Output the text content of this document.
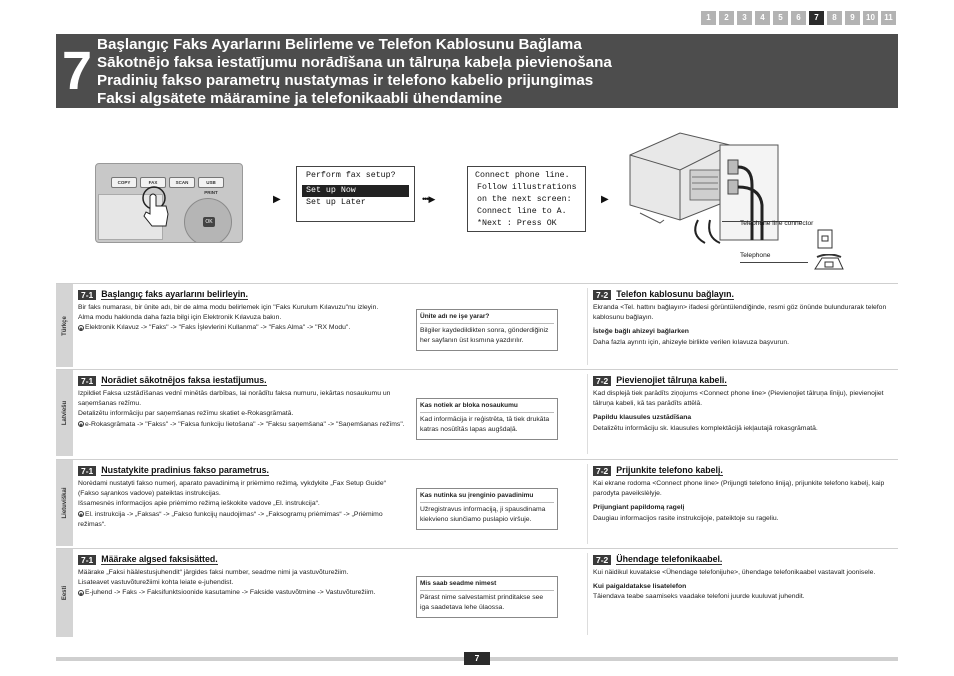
1	2	3	4	5	6	7	8	9	10	11
7 Başlangıç Faks Ayarlarını Belirleme ve Telefon Kablosunu Bağlama
Sākotnējo faksa iestatījumu norādīšana un tālruņa kabeļa pievienošana
Pradinių fakso parametrų nustatymas ir telefono kabelio prijungimas
Faksi algsätete määramine ja telefonikaabli ühendamine
COPY	FAX	SCAN	USB PRINT
OK
▶	•••▶	▶
Perform fax setup?
Set up Now
Set up Later
Connect phone line.
Follow illustrations
on the next screen:
Connect line to A.
*Next : Press OK	Telephone line connector
Telephone
Türkçe
7-1 Başlangıç faks ayarlarını belirleyin.

Bir faks numarası, bir ünite adı, bir de alma modu belirlemek için "Faks Kurulum Kılavuzu"nu izleyin.

Alma modu hakkında daha fazla bilgi için Elektronik Kılavuza bakın.

◉ Elektronik Kılavuz -> "Faks" -> "Faks İşlevlerini Kullanma" -> "Faks Alma" -> "RX Modu".

Ünite adı ne işe yarar?
Bilgiler kaydedildikten sonra, gönderdiğiniz her sayfanın üst kısmına yazdırılır.
7-2 Telefon kablosunu bağlayın.

Ekranda <Tel. hattını bağlayın> ifadesi görüntülendiğinde, resmi göz önünde bulundurarak telefon kablosunu bağlayın.

İsteğe bağlı ahizeyi bağlarken

Daha fazla ayrıntı için, ahizeyle birlikte verilen kılavuza başvurun.

Latviešu
7-1 Norādiet sākotnējos faksa iestatījumus.

Izpildiet Faksa uzstādīšanas vednī minētās darbības, lai norādītu faksa numuru, iekārtas nosaukumu un saņemšanas režīmu.

Detalizētu informāciju par saņemšanas režīmu skatiet e-Rokasgrāmatā.

◉ e-Rokasgrāmata -> "Fakss" -> "Faksa funkciju lietošana" -> "Faksu saņemšana" -> "Saņemšanas režīms".

Kas notiek ar bloka nosaukumu
Kad informācija ir reģistrēta, tā tiek drukāta katras nosūtītās lapas augšdaļā.
7-2 Pievienojiet tālruņa kabeli.

Kad displejā tiek parādīts ziņojums <Connect phone line> (Pievienojiet tālruņa līniju), pievienojiet tālruņa kabeli, kā tas parādīts attēlā.

Papildu klausules uzstādīšana

Detalizētu informāciju sk. klausules komplektācijā iekļautajā rokasgrāmatā.

Lietuviškai
7-1 Nustatykite pradinius fakso parametrus.

Norėdami nustatyti fakso numerį, aparato pavadinimą ir priėmimo režimą, vykdykite „Fax Setup Guide“ (Fakso sąrankos vadove) pateiktas instrukcijas.

Išsamesnės informacijos apie priėmimo režimą ieškokite vadove „El. instrukcija“.

◉ El. instrukcija -> „Faksas“ -> „Fakso funkcijų naudojimas“ -> „Faksogramų priėmimas“ -> „Priėmimo režimas“.

Kas nutinka su įrenginio pavadinimu
Užregistravus informaciją, ji spausdinama kiekvieno siunčiamo puslapio viršuje.
7-2 Prijunkite telefono kabelį.

Kai ekrane rodoma <Connect phone line> (Prijungti telefono liniją), prijunkite telefono kabelį, kaip parodyta paveikslėlyje.

Prijungiant papildomą ragelį

Daugiau informacijos rasite instrukcijoje, pateiktoje su rageliu.

Eesti
7-1 Määrake algsed faksisätted.

Määrake „Faksi häälestusjuhendit“ järgides faksi number, seadme nimi ja vastuvõturežiim.

Lisateavet vastuvõturežiimi kohta leiate e-juhendist.

◉ E-juhend -> Faks -> Faksifunktsioonide kasutamine -> Fakside vastuvõtmine -> Vastuvõturežiim.

Mis saab seadme nimest
Pärast nime salvestamist prinditakse see iga saadetava lehe ülaossa.
7-2 Ühendage telefonikaabel.

Kui näidikul kuvatakse <Ühendage telefonijuhe>, ühendage telefonikaabel vastavalt joonisele.

Kui paigaldatakse lisatelefon

Täiendava teabe saamiseks vaadake telefoni juurde kuuluvat juhendit.

7
